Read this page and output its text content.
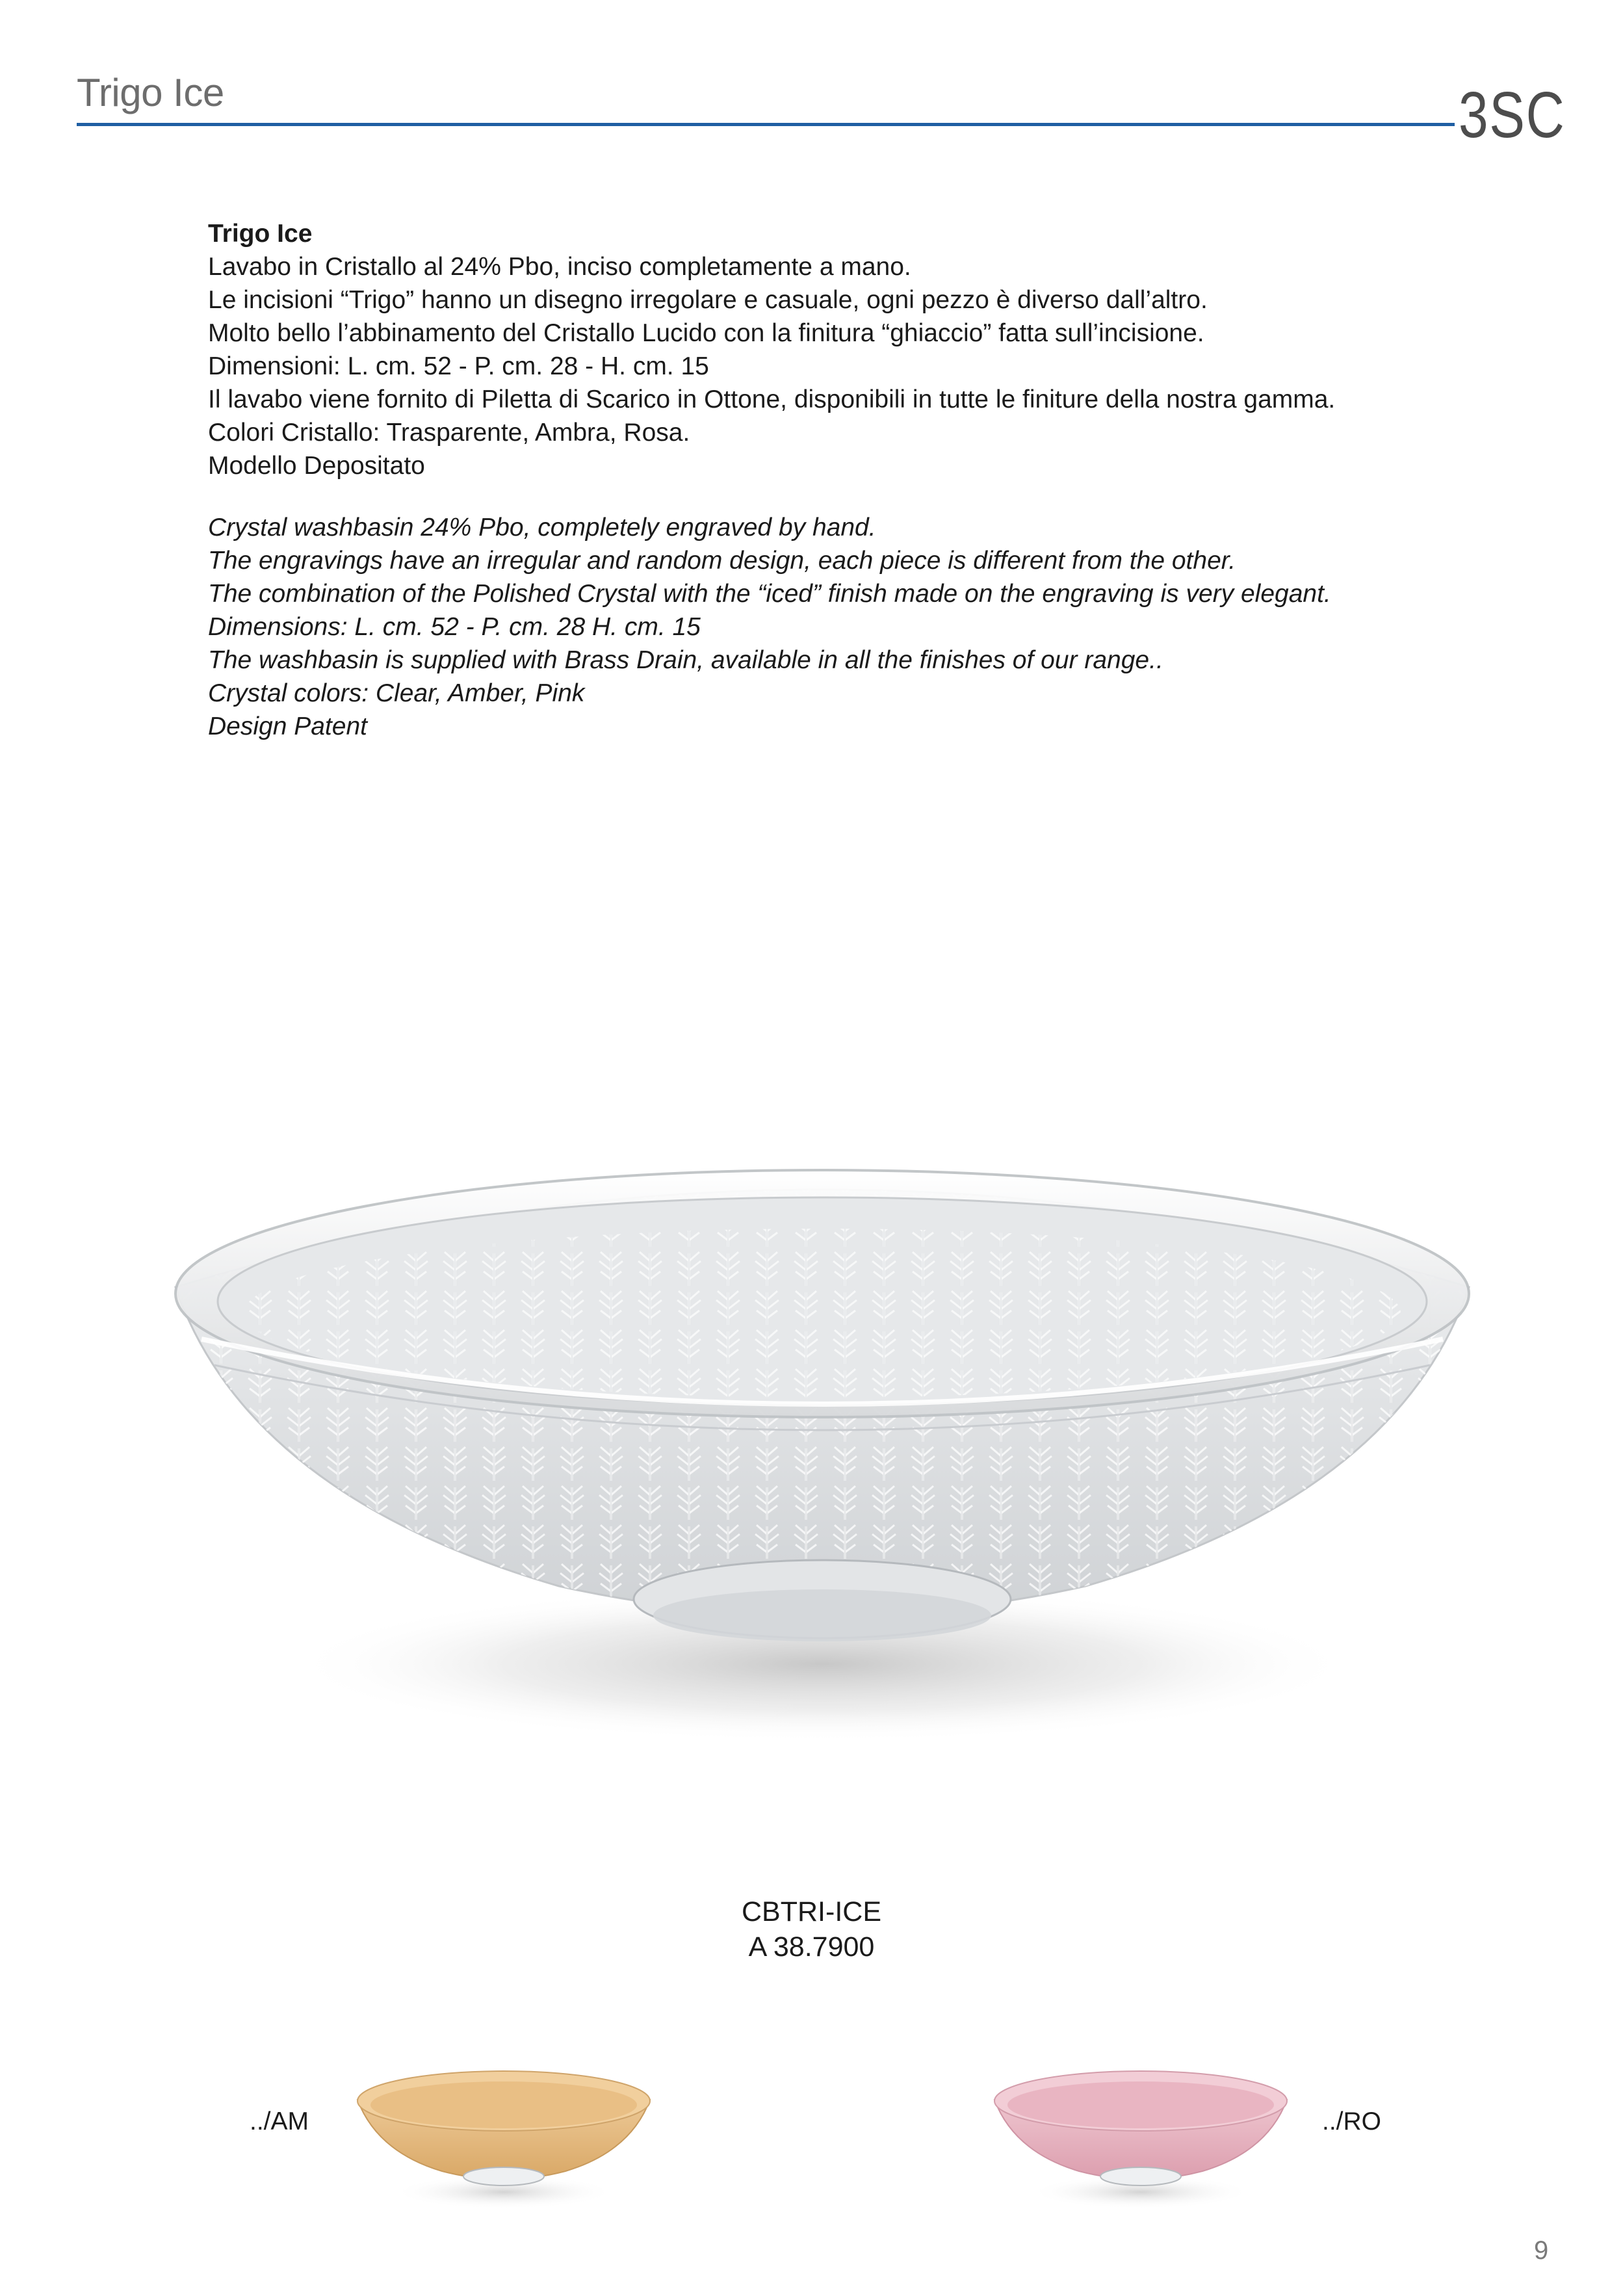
Trigo Ice	3SC
Trigo Ice
Lavabo in Cristallo al 24% Pbo, inciso completamente a mano.
Le incisioni “Trigo” hanno un disegno irregolare e casuale, ogni pezzo è diverso dall’altro.
Molto bello l’abbinamento del Cristallo Lucido con la finitura “ghiaccio” fatta sull’incisione.
Dimensioni: L. cm. 52 - P. cm. 28 - H. cm. 15
Il lavabo viene fornito di Piletta di Scarico in Ottone, disponibili in tutte le finiture della nostra gamma.
Colori Cristallo: Trasparente, Ambra, Rosa.
Modello Depositato
Crystal washbasin 24% Pbo, completely engraved by hand.
The engravings have an irregular and random design, each piece is different from the other.
The combination of the Polished Crystal with the “iced” finish made on the engraving is very elegant.
Dimensions: L. cm. 52 - P. cm. 28 H. cm. 15
The washbasin is supplied with Brass Drain, available in all the finishes of our range..
Crystal colors: Clear, Amber, Pink
Design Patent
CBTRI-ICE
A 38.7900
../AM	../RO
9
